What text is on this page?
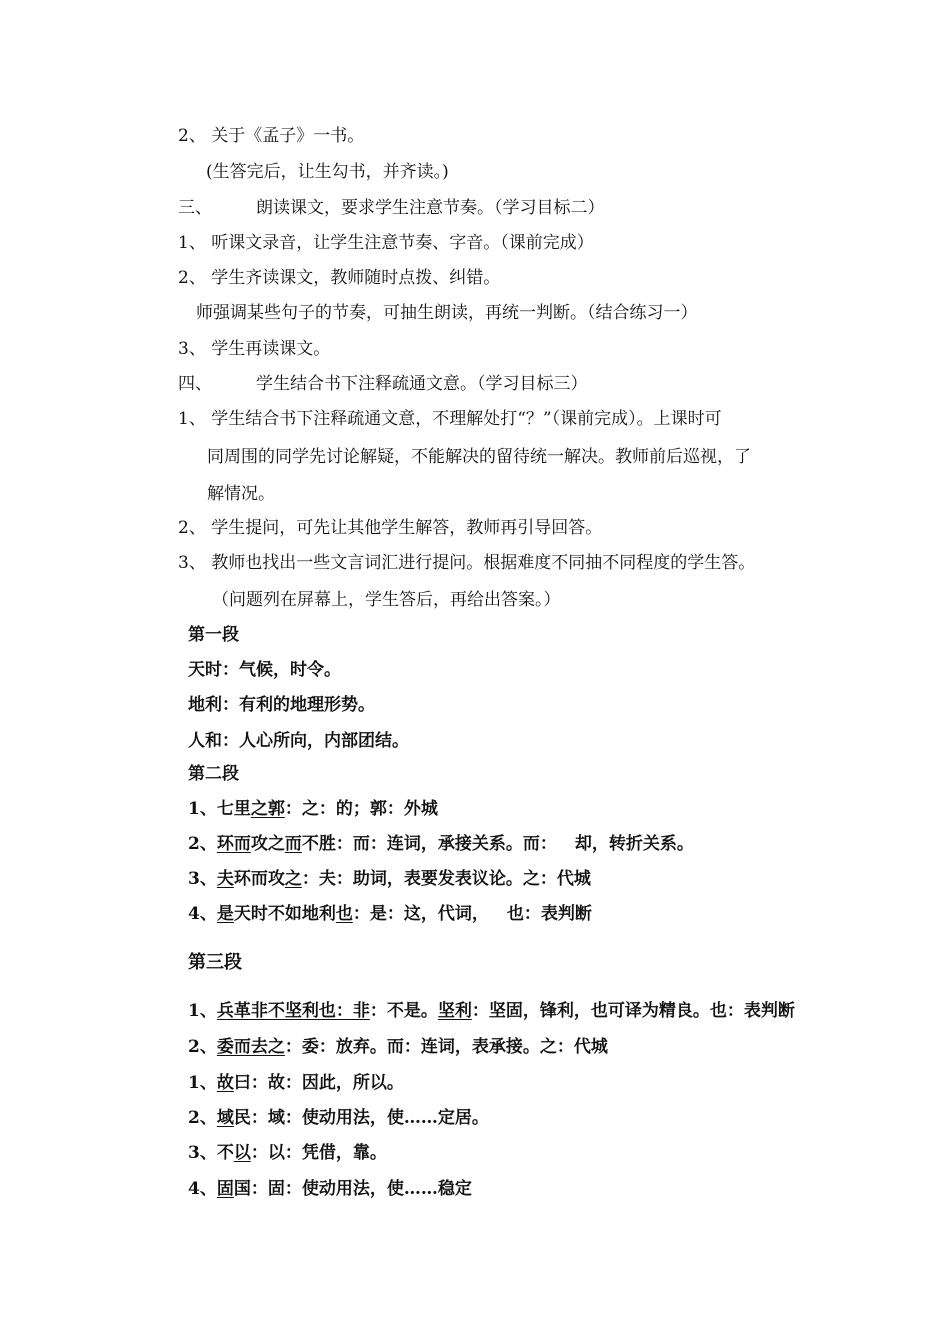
2、 关于《孟子》一书。
(生答完后，让生勾书，并齐读。)
三、	朗读课文，要求学生注意节奏。（学习目标二）
1、 听课文录音，让学生注意节奏、字音。（课前完成）
2、 学生齐读课文，教师随时点拨、纠错。
师强调某些句子的节奏，可抽生朗读，再统一判断。（结合练习一）
3、 学生再读课文。
四、	学生结合书下注释疏通文意。（学习目标三）
1、 学生结合书下注释疏通文意，不理解处打“？”（课前完成）。上课时可
同周围的同学先讨论解疑，不能解决的留待统一解决。教师前后巡视，了
解情况。
2、 学生提问，可先让其他学生解答，教师再引导回答。
3、 教师也找出一些文言词汇进行提问。根据难度不同抽不同程度的学生答。
（问题列在屏幕上，学生答后，再给出答案。）
第一段
天时：气候，时令。
地利：有利的地理形势。
人和：人心所向，内部团结。
第二段
1、七里之郭：之：的；郭：外城
2、环而攻之而不胜：而：连词，承接关系。而： 却，转折关系。
3、夫环而攻之：夫：助词，表要发表议论。之：代城
4、是天时不如地利也：是：这，代词， 也：表判断
第三段
1、兵革非不坚利也：非：不是。坚利：坚固，锋利，也可译为精良。也：表判断
2、委而去之：委：放弃。而：连词，表承接。之：代城
1、故曰：故：因此，所以。
2、域民：域：使动用法，使……定居。
3、不以：以：凭借，靠。
4、固国：固：使动用法，使……稳定
